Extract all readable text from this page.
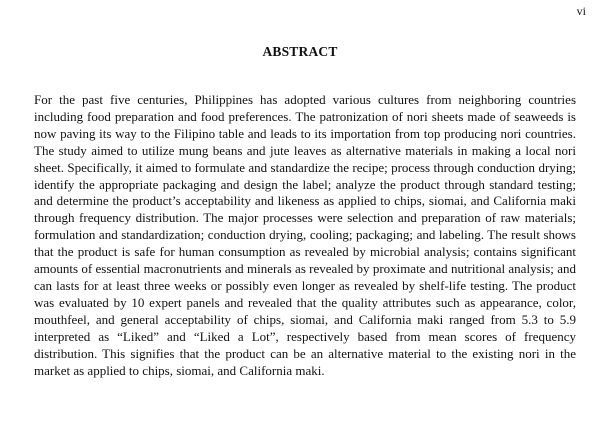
vi
ABSTRACT

For the past five centuries, Philippines has adopted various cultures from neighboring countries including food preparation and food preferences. The patronization of nori sheets made of seaweeds is now paving its way to the Filipino table and leads to its importation from top producing nori countries. The study aimed to utilize mung beans and jute leaves as alternative materials in making a local nori sheet. Specifically, it aimed to formulate and standardize the recipe; process through conduction drying; identify the appropriate packaging and design the label; analyze the product through standard testing; and determine the product’s acceptability and likeness as applied to chips, siomai, and California maki through frequency distribution. The major processes were selection and preparation of raw materials; formulation and standardization; conduction drying, cooling; packaging; and labeling. The result shows that the product is safe for human consumption as revealed by microbial analysis; contains significant amounts of essential macronutrients and minerals as revealed by proximate and nutritional analysis; and can lasts for at least three weeks or possibly even longer as revealed by shelf-life testing. The product was evaluated by 10 expert panels and revealed that the quality attributes such as appearance, color, mouthfeel, and general acceptability of chips, siomai, and California maki ranged from 5.3 to 5.9 interpreted as “Liked” and “Liked a Lot”, respectively based from mean scores of frequency distribution. This signifies that the product can be an alternative material to the existing nori in the market as applied to chips, siomai, and California maki.
